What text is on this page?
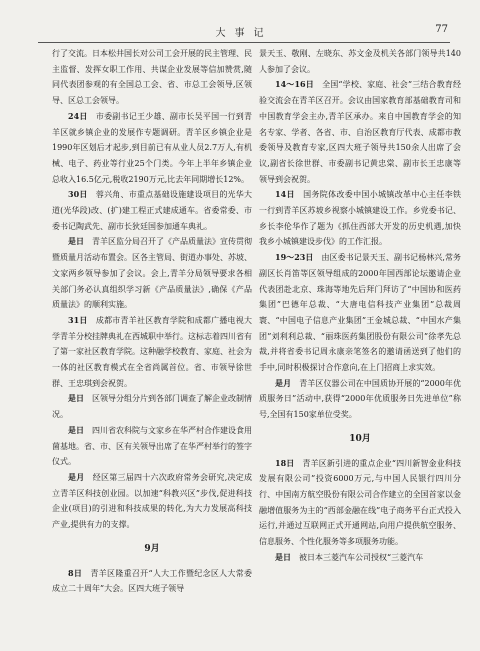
大事记	77

行了交流。日本松井国长对公司工会开展的民主管理、民主监督、发挥女职工作用、共谋企业发展等信加赞赏,随同代表团参观的有全国总工会、省、市总工会领导,区领导、区总工会领导。

24日　 市委副书记王少雄、副市长吴平国一行到青羊区就乡镇企业的发展作专题调研。青羊区乡镇企业是1990年区划后才起步,到目前已有从业人员2.7万人,有机械、电子、药业等行业25个门类。今年上半年乡镇企业总收入16.5亿元,税收2190万元,比去年同期增长12%。

30日　 蓉兴角、市重点基础设施建设项目的光华大道(光华段)改、(扩)建工程正式建成通车。省委常委、市委书记陶武先、副市长狄廷国参加通车典礼。

是日　 青羊区监分局召开了《产品质量法》宣传贯彻暨质量月活动布置会。区各主管局、街道办事处、苏坡、文家两乡领导参加了会议。会上,青羊分局领导要求各相关部门务必认真组织学习新《产品质量法》,确保《产品质量法》的顺利实施。

31日　 成都市青羊社区教育学院和成都广播电视大学青羊分校挂牌典礼在西城职中举行。这标志着四川省有了第一家社区教育学院。这种融学校教育、家庭、社会为一体的社区教育模式在全省尚属首位。省、市领导徐世群、王忠琪到会祝贺。

是日　 区领导分组分片到各部门调查了解企业改制情况。

是日　 四川省农科院与文家乡在华严村合作建设食用菌基地。省、市、区有关领导出席了在华严村举行的签字仪式。

是月　 经区第三届四十六次政府常务会研究,决定成立青羊区科技创业园。以加速“科教兴区”步伐,促进科技企业(项目)的引进和科技成果的转化,为大力发展高科技产业,提供有力的支撑。

9月

8日　 青羊区隆重召开“人大工作暨纪念区人大常委成立二十周年”大会。区四大班子领导

景天玉、敬刚、左晓东、苏文金及机关各部门领导共140人参加了会议。

14～16日　 全国“学校、家庭、社会”三结合教育经验交流会在青羊区召开。会议由国家教育部基础教育司和中国教育学会主办,青羊区承办。来自中国教育学会的知名专家、学者、各省、市、自治区教育厅代表、成都市教委领导及教育专家,区四大班子领导共150余人出席了会议,副省长徐世群、市委副书记黄忠棠、副市长王忠康等领导到会祝贺。

14日　 国务院体改委中国小城镇改革中心主任李铁一行到青羊区苏坡乡视察小城镇建设工作。乡党委书记、乡长李伦华作了题为《抓住西部大开发的历史机遇,加快我乡小城镇建设步伐》的工作汇报。

19～23日　 由区委书记景天玉、副书记杨林兴,常务副区长肖笛等区领导组成的2000年国西部论坛邀请企业代表团赴北京、珠海等地先后拜门拜访了“中国协和医药集团”巴德年总裁、“大唐电信科技产业集团”总裁周寰、“中国电子信息产业集团”王金城总裁、“中国水产集团”刘利利总裁、“丽珠医药集团股份有限公司”徐孝先总裁,并将省委书记周永康亲笔签名的邀请函送到了他们的手中,同时积极探讨合作意向,在上门招商上求实效。

是月　 青羊区仪器公司在中国质协开展的“2000年优质服务日”活动中,获得“2000年优质服务日先进单位”称号,全国有150家单位受奖。

10月

18日　 青羊区新引进的重点企业“四川新智金业科技发展有限公司”投资6000万元,与中国人民银行四川分行、中国南方航空股份有限公司合作建立的全国首家以金融增值服务为主的“西部金融在线”电子商务平台正式投入运行,并通过互联网正式开通网站,向用户提供航空服务、信息服务、个性化服务等多项服务功能。

是日　 被日本三菱汽车公司授权“三菱汽车
